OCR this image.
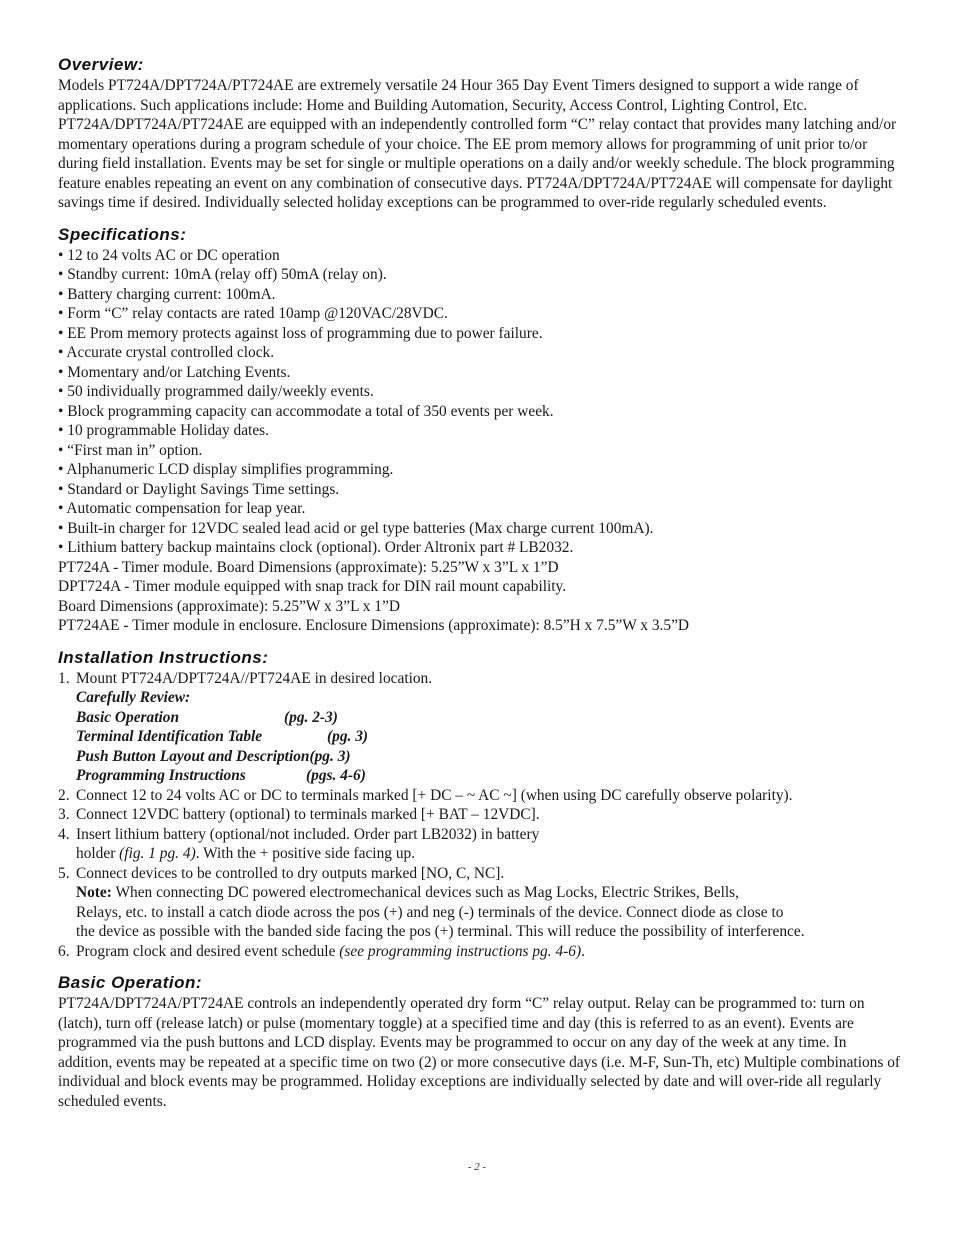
Overview:

Models PT724A/DPT724A/PT724AE are extremely versatile 24 Hour 365 Day Event Timers designed to support a wide range of applications. Such applications include: Home and Building Automation, Security, Access Control, Lighting Control, Etc. PT724A/DPT724A/PT724AE are equipped with an independently controlled form “C” relay contact that provides many latching and/or momentary operations during a program schedule of your choice. The EE prom memory allows for programming of unit prior to/or during field installation. Events may be set for single or multiple operations on a daily and/or weekly schedule. The block programming feature enables repeating an event on any combination of consecutive days. PT724A/DPT724A/PT724AE will compensate for daylight savings time if desired. Individually selected holiday exceptions can be programmed to over-ride regularly scheduled events.

Specifications:
• 12 to 24 volts AC or DC operation
• Standby current: 10mA (relay off) 50mA (relay on).
• Battery charging current: 100mA.
• Form “C” relay contacts are rated 10amp @120VAC/28VDC.
• EE Prom memory protects against loss of programming due to power failure.
• Accurate crystal controlled clock.
• Momentary and/or Latching Events.
• 50 individually programmed daily/weekly events.
• Block programming capacity can accommodate a total of 350 events per week.
• 10 programmable Holiday dates.
• “First man in” option.
• Alphanumeric LCD display simplifies programming.
• Standard or Daylight Savings Time settings.
• Automatic compensation for leap year.
• Built-in charger for 12VDC sealed lead acid or gel type batteries (Max charge current 100mA).
• Lithium battery backup maintains clock (optional). Order Altronix part # LB2032.

PT724A - Timer module. Board Dimensions (approximate): 5.25”W x 3”L x 1”D

DPT724A - Timer module equipped with snap track for DIN rail mount capability.

Board Dimensions (approximate): 5.25”W x 3”L x 1”D

PT724AE - Timer module in enclosure. Enclosure Dimensions (approximate): 8.5”H x 7.5”W x 3.5”D

Installation Instructions:
1. Mount PT724A/DPT724A//PT724AE in desired location.
Carefully Review:
Basic Operation	(pg. 2-3)
Terminal Identification Table	(pg. 3)
Push Button Layout and Description(pg. 3)
Programming Instructions	(pgs. 4-6)
2. Connect 12 to 24 volts AC or DC to terminals marked [+ DC – ~ AC ~] (when using DC carefully observe polarity).
3. Connect 12VDC battery (optional) to terminals marked [+ BAT – 12VDC].
4. Insert lithium battery (optional/not included. Order part LB2032) in battery
holder (fig. 1 pg. 4). With the + positive side facing up.
5. Connect devices to be controlled to dry outputs marked [NO, C, NC].
Note: When connecting DC powered electromechanical devices such as Mag Locks, Electric Strikes, Bells,
Relays, etc. to install a catch diode across the pos (+) and neg (-) terminals of the device. Connect diode as close to
the device as possible with the banded side facing the pos (+) terminal. This will reduce the possibility of interference.
6. Program clock and desired event schedule (see programming instructions pg. 4-6).
Basic Operation:

PT724A/DPT724A/PT724AE controls an independently operated dry form “C” relay output. Relay can be programmed to: turn on (latch), turn off (release latch) or pulse (momentary toggle) at a specified time and day (this is referred to as an event). Events are programmed via the push buttons and LCD display. Events may be programmed to occur on any day of the week at any time. In addition, events may be repeated at a specific time on two (2) or more consecutive days (i.e. M-F, Sun-Th, etc) Multiple combinations of individual and block events may be programmed. Holiday exceptions are individually selected by date and will over-ride all regularly scheduled events.

- 2 -
